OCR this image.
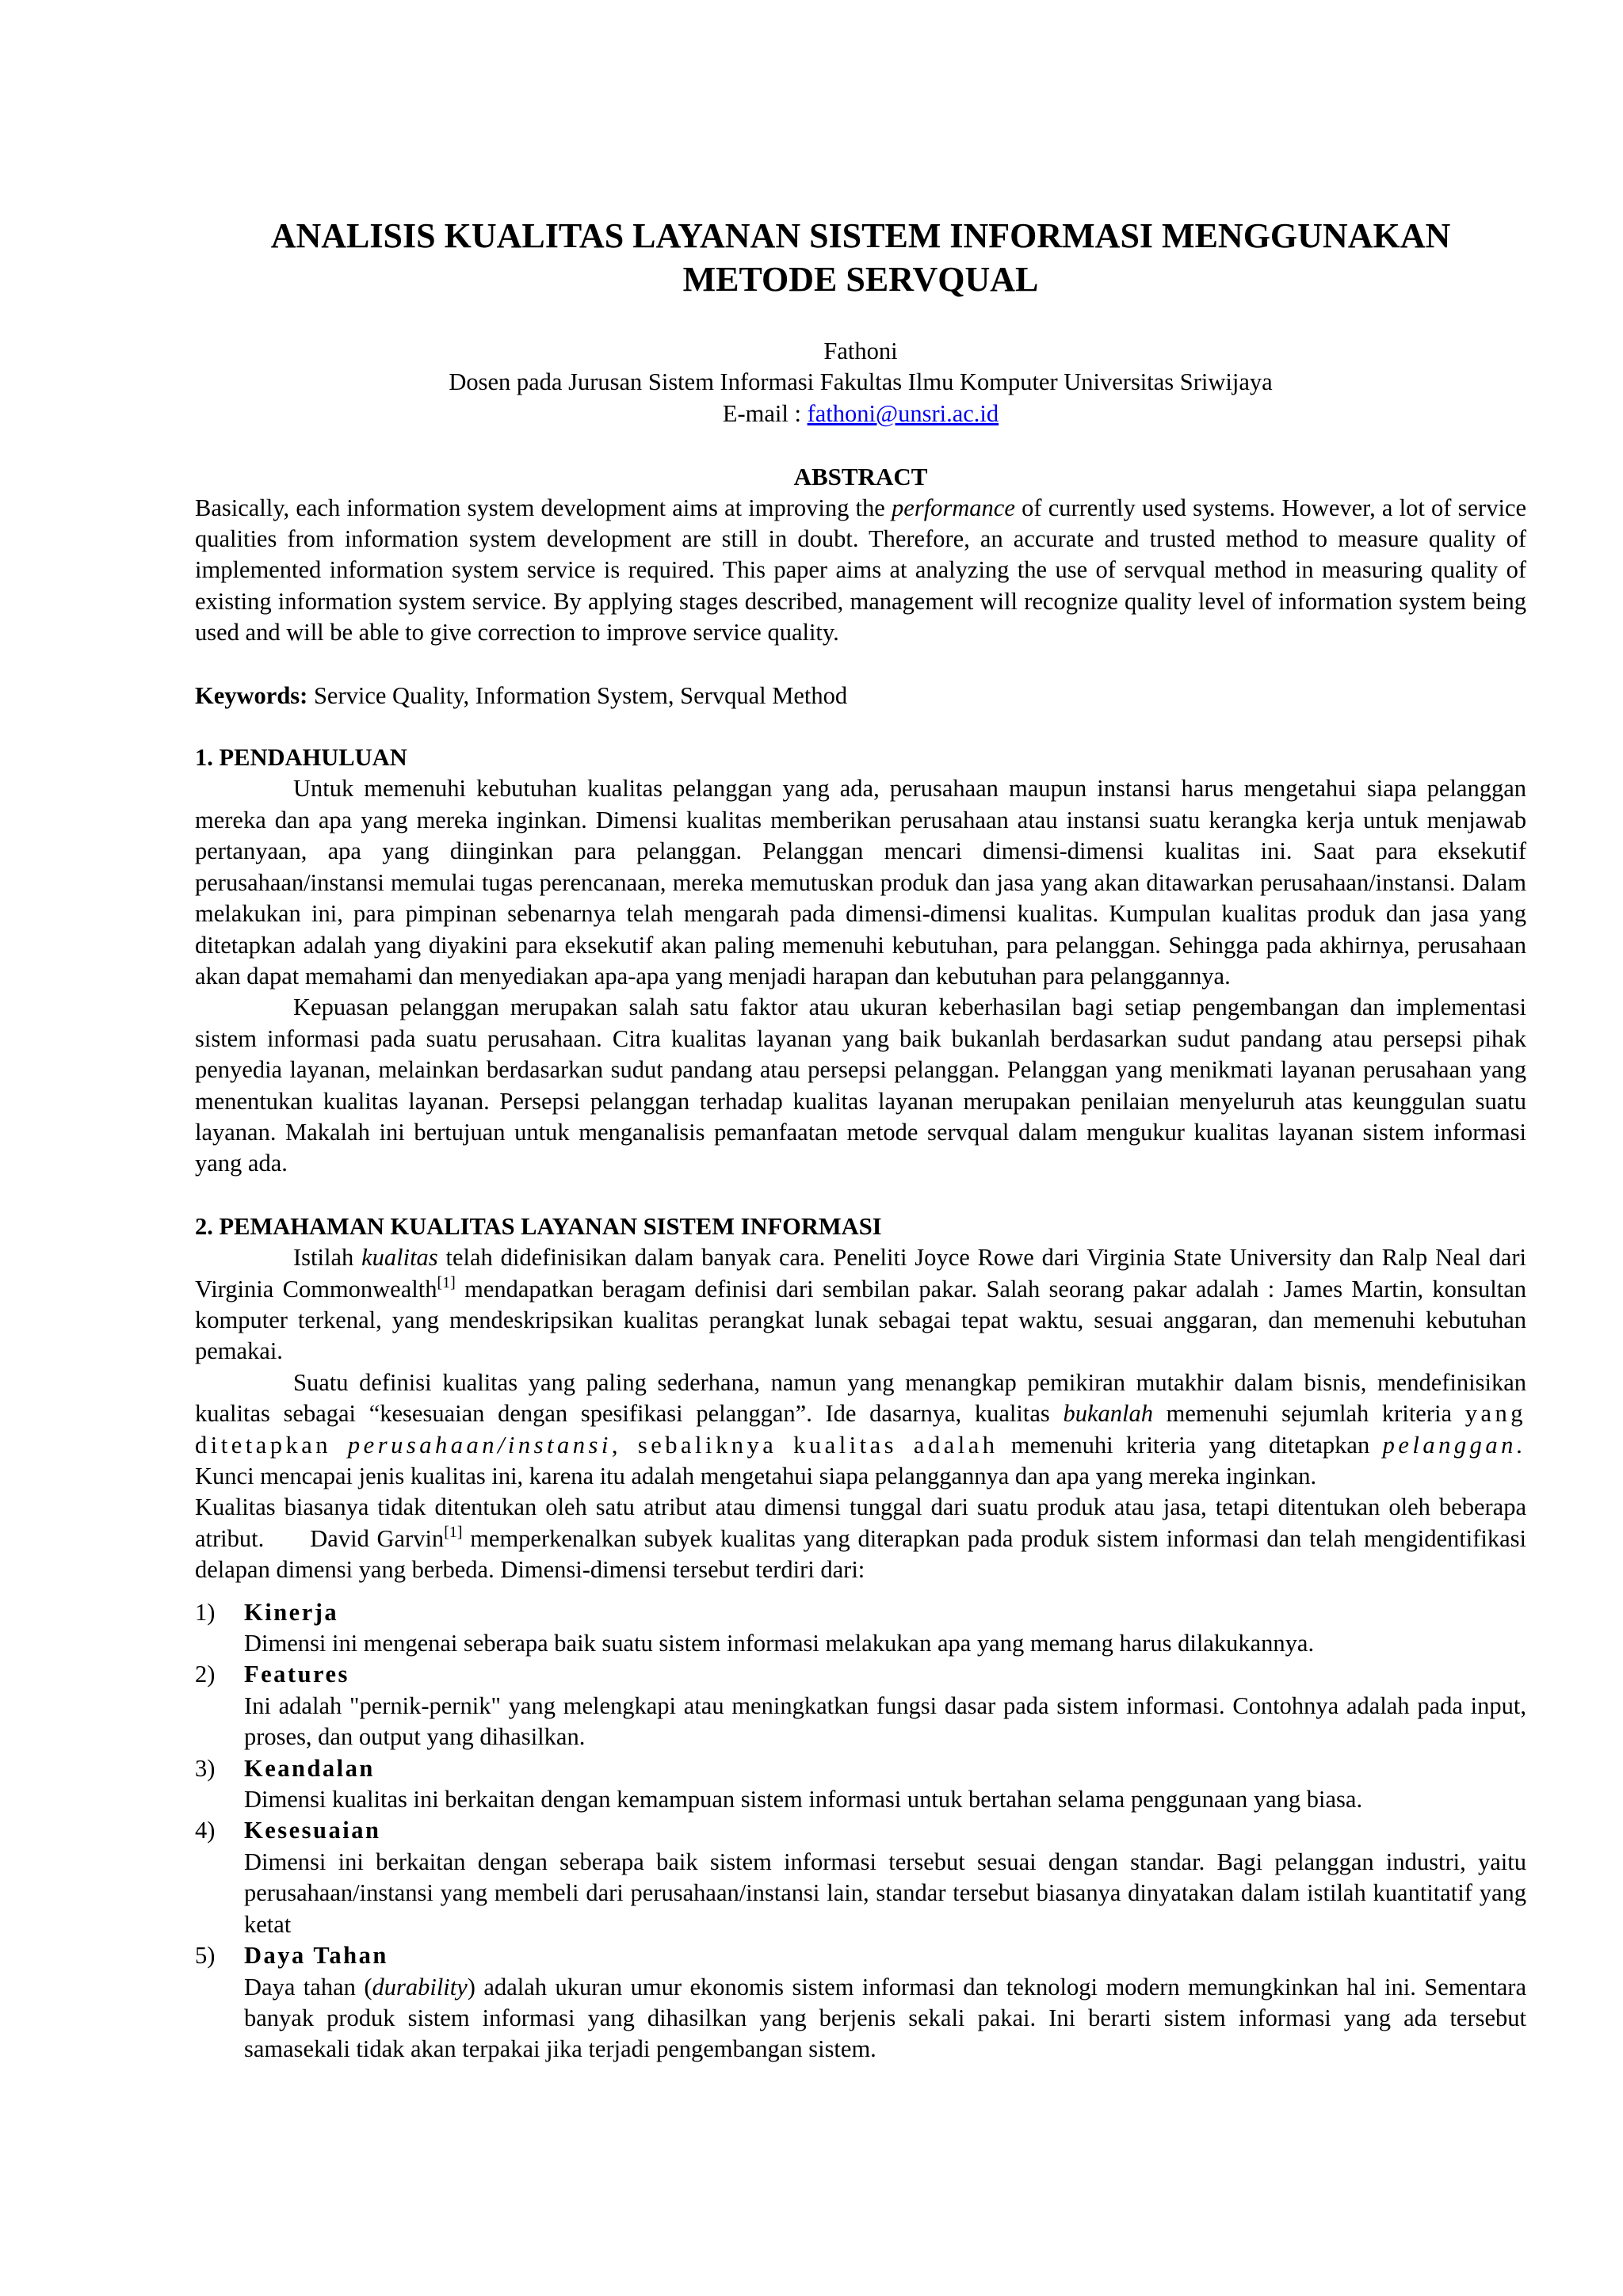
ANALISIS KUALITAS LAYANAN SISTEM INFORMASI MENGGUNAKAN
METODE SERVQUAL
Fathoni
Dosen pada Jurusan Sistem Informasi Fakultas Ilmu Komputer Universitas Sriwijaya
E-mail : fathoni@unsri.ac.id
ABSTRACT

Basically, each information system development aims at improving the performance of currently used systems. However, a lot of service qualities from information system development are still in doubt. Therefore, an accurate and trusted method to measure quality of implemented information system service is required. This paper aims at analyzing the use of servqual method in measuring quality of existing information system service. By applying stages described, management will recognize quality level of information system being used and will be able to give correction to improve service quality.

Keywords: Service Quality, Information System, Servqual Method

1. PENDAHULUAN

Untuk memenuhi kebutuhan kualitas pelanggan yang ada, perusahaan maupun instansi harus mengetahui siapa pelanggan mereka dan apa yang mereka inginkan. Dimensi kualitas memberikan perusahaan atau instansi suatu kerangka kerja untuk menjawab pertanyaan, apa yang diinginkan para pelanggan. Pelanggan mencari dimensi-dimensi kualitas ini. Saat para eksekutif perusahaan/instansi memulai tugas perencanaan, mereka memutuskan produk dan jasa yang akan ditawarkan perusahaan/instansi. Dalam melakukan ini, para pimpinan sebenarnya telah mengarah pada dimensi-dimensi kualitas. Kumpulan kualitas produk dan jasa yang ditetapkan adalah yang diyakini para eksekutif akan paling memenuhi kebutuhan, para pelanggan. Sehingga pada akhirnya, perusahaan akan dapat memahami dan menyediakan apa-apa yang menjadi harapan dan kebutuhan para pelanggannya.

Kepuasan pelanggan merupakan salah satu faktor atau ukuran keberhasilan bagi setiap pengembangan dan implementasi sistem informasi pada suatu perusahaan. Citra kualitas layanan yang baik bukanlah berdasarkan sudut pandang atau persepsi pihak penyedia layanan, melainkan berdasarkan sudut pandang atau persepsi pelanggan. Pelanggan yang menikmati layanan perusahaan yang menentukan kualitas layanan. Persepsi pelanggan terhadap kualitas layanan merupakan penilaian menyeluruh atas keunggulan suatu layanan. Makalah ini bertujuan untuk menganalisis pemanfaatan metode servqual dalam mengukur kualitas layanan sistem informasi yang ada.

2. PEMAHAMAN KUALITAS LAYANAN SISTEM INFORMASI

Istilah kualitas telah didefinisikan dalam banyak cara. Peneliti Joyce Rowe dari Virginia State University dan Ralp Neal dari Virginia Commonwealth[1] mendapatkan beragam definisi dari sembilan pakar. Salah seorang pakar adalah : James Martin, konsultan komputer terkenal, yang mendeskripsikan kualitas perangkat lunak sebagai tepat waktu, sesuai anggaran, dan memenuhi kebutuhan pemakai.

Suatu definisi kualitas yang paling sederhana, namun yang menangkap pemikiran mutakhir dalam bisnis, mendefinisikan kualitas sebagai “kesesuaian dengan spesifikasi pelanggan”. Ide dasarnya, kualitas bukanlah memenuhi sejumlah kriteria yang ditetapkan perusahaan/instansi, sebaliknya kualitas adalah memenuhi kriteria yang ditetapkan pelanggan. Kunci mencapai jenis kualitas ini, karena itu adalah mengetahui siapa pelanggannya dan apa yang mereka inginkan.

Kualitas biasanya tidak ditentukan oleh satu atribut atau dimensi tunggal dari suatu produk atau jasa, tetapi ditentukan oleh beberapa atribut.      David Garvin[1] memperkenalkan subyek kualitas yang diterapkan pada produk sistem informasi dan telah mengidentifikasi delapan dimensi yang berbeda. Dimensi-dimensi tersebut terdiri dari:

1) Kinerja
Dimensi ini mengenai seberapa baik suatu sistem informasi melakukan apa yang memang harus dilakukannya.
2) Features
Ini adalah "pernik-pernik" yang melengkapi atau meningkatkan fungsi dasar pada sistem informasi. Contohnya adalah pada input, proses, dan output yang dihasilkan.
3) Keandalan
Dimensi kualitas ini berkaitan dengan kemampuan sistem informasi untuk bertahan selama penggunaan yang biasa.
4) Kesesuaian
Dimensi ini berkaitan dengan seberapa baik sistem informasi tersebut sesuai dengan standar. Bagi pelanggan industri, yaitu perusahaan/instansi yang membeli dari perusahaan/instansi lain, standar tersebut biasanya dinyatakan dalam istilah kuantitatif yang ketat
5) Daya Tahan
Daya tahan (durability) adalah ukuran umur ekonomis sistem informasi dan teknologi modern memungkinkan hal ini. Sementara banyak produk sistem informasi yang dihasilkan yang berjenis sekali pakai. Ini berarti sistem informasi yang ada tersebut samasekali tidak akan terpakai jika terjadi pengembangan sistem.
